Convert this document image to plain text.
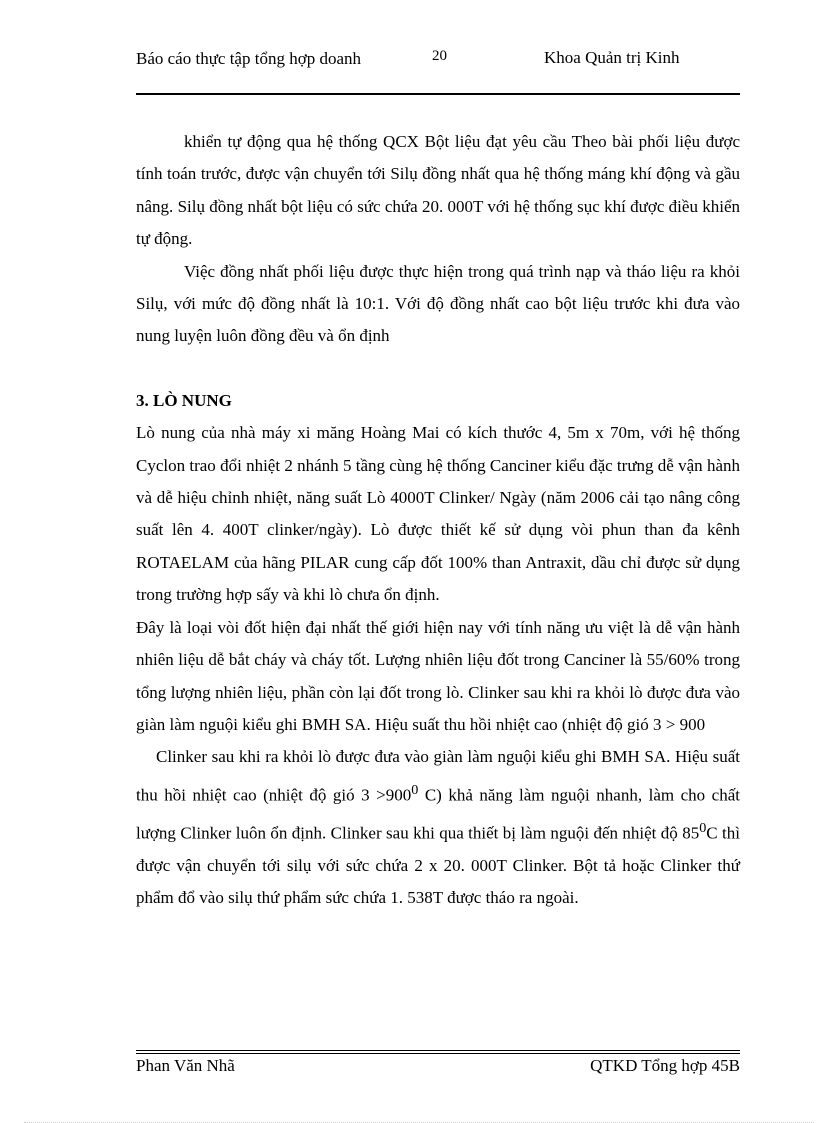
Báo cáo thực tập tổng hợp doanh	20	Khoa Quản trị Kinh

khiển tự động qua hệ thống QCX Bột liệu đạt yêu cầu Theo bài phối liệu được tính toán trước, được vận chuyển tới Silụ đồng nhất qua hệ thống máng khí động và gầu nâng. Silụ đồng nhất bột liệu có sức chứa 20. 000T với hệ thống sục khí được điều khiển tự động.

Việc đồng nhất phối liệu được thực hiện trong quá trình nạp và tháo liệu ra khỏi Silụ, với mức độ đồng nhất là 10:1. Với độ đồng nhất cao bột liệu trước khi đưa vào nung luyện luôn đồng đều và ổn định

3. LÒ NUNG

Lò nung của nhà máy xi măng Hoàng Mai có kích thước 4, 5m x 70m, với hệ thống Cyclon trao đổi nhiệt 2 nhánh 5 tầng cùng hệ thống Canciner kiểu đặc trưng dễ vận hành và dễ hiệu chỉnh nhiệt, năng suất Lò 4000T Clinker/ Ngày (năm 2006 cải tạo nâng công suất lên 4. 400T clinker/ngày). Lò được thiết kế sử dụng vòi phun than đa kênh ROTAELAM của hãng PILAR cung cấp đốt 100% than Antraxit, dầu chỉ được sử dụng trong trường hợp sấy và khi lò chưa ổn định.

Đây là loại vòi đốt hiện đại nhất thế giới hiện nay với tính năng ưu việt là dễ vận hành nhiên liệu dễ bắt cháy và cháy tốt. Lượng nhiên liệu đốt trong Canciner là 55/60% trong tổng lượng nhiên liệu, phần còn lại đốt trong lò. Clinker sau khi ra khỏi lò được đưa vào giàn làm nguội kiểu ghi BMH SA. Hiệu suất thu hồi nhiệt cao (nhiệt độ gió 3 > 900

Clinker sau khi ra khỏi lò được đưa vào giàn làm nguội kiểu ghi BMH SA. Hiệu suất thu hồi nhiệt cao (nhiệt độ gió $3 >900^0$ C) khả năng làm nguội nhanh, làm cho chất lượng Clinker luôn ổn định. Clinker sau khi qua thiết bị làm nguội đến nhiệt độ $85^0C$ thì được vận chuyển tới silụ với sức chứa 2 x 20. 000T Clinker. Bột tả hoặc Clinker thứ phẩm đổ vào silụ thứ phẩm sức chứa 1. 538T được tháo ra ngoài.

Phan Văn Nhã	QTKD Tổng hợp 45B
